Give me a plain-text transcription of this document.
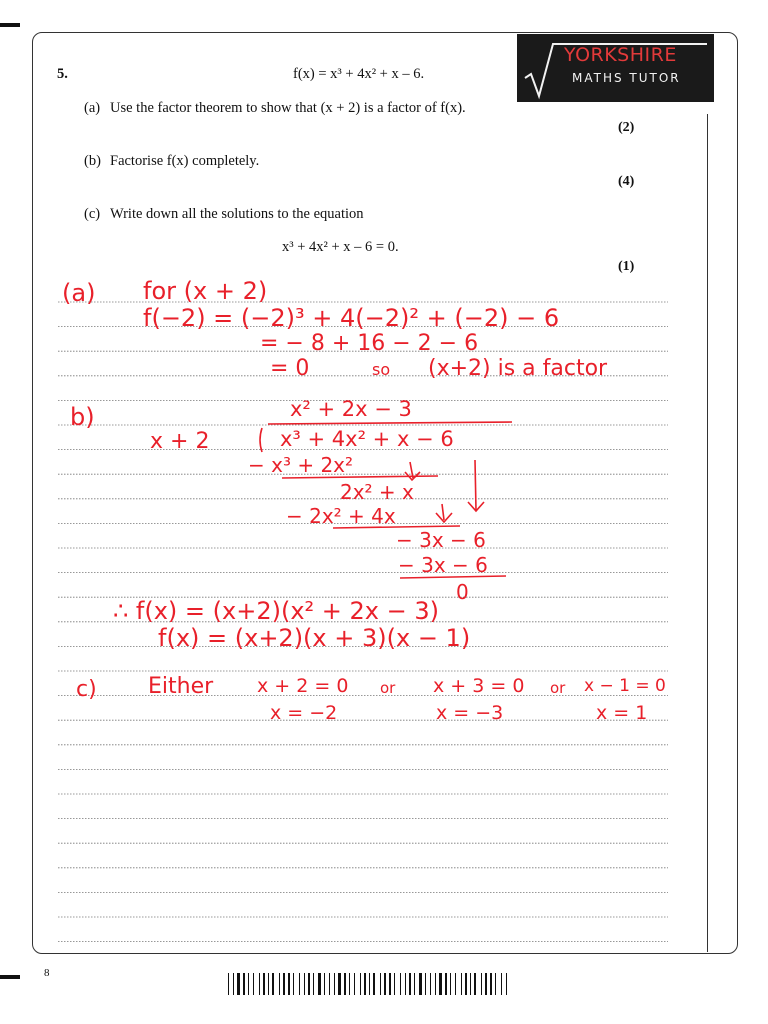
YORKSHIRE
MATHS TUTOR
5.	f(x) = x³ + 4x² + x – 6.
(a) Use the factor theorem to show that (x + 2) is a factor of f(x).
(2)
(b) Factorise f(x) completely.
(4)
(c) Write down all the solutions to the equation
x³ + 4x² + x – 6 = 0.
(1)
(a) for (x + 2)
f(−2) = (−2)³ + 4(−2)² + (−2) − 6
= − 8 + 16 − 2 − 6
= 0	so (x+2) is a factor
b)	x² + 2x − 3
x + 2	x³ + 4x² + x − 6
− x³ + 2x²
2x² + x
− 2x² + 4x
− 3x − 6
− 3x − 6
0
∴ f(x) = (x+2)(x² + 2x − 3)
f(x) = (x+2)(x + 3)(x − 1)
c) Either x + 2 = 0 or x + 3 = 0 or x − 1 = 0
x = −2	x = −3	x = 1
8
